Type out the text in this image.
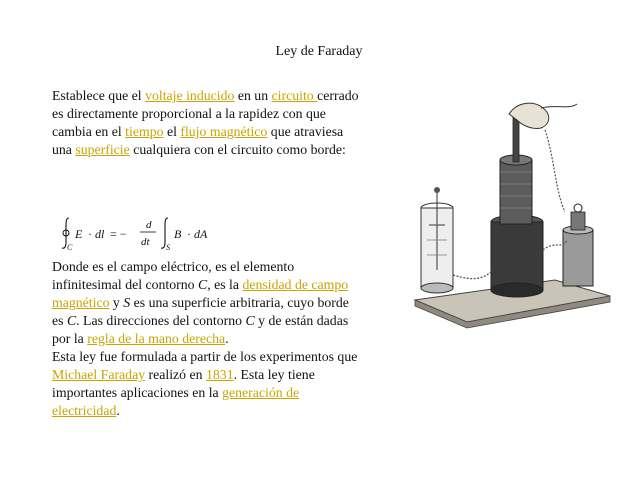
Ley de Faraday

Establece que el voltaje inducido en un circuito cerrado es directamente proporcional a la rapidez con que cambia en el tiempo el flujo magnético que atraviesa una superficie cualquiera con el circuito como borde:

C
E · dl = −
d
dt S
B · dA

Donde es el campo eléctrico, es el elemento infinitesimal del contorno C, es la densidad de campo magnético y S es una superficie arbitraria, cuyo borde es C. Las direcciones del contorno C y de están dadas por la regla de la mano derecha.
Esta ley fue formulada a partir de los experimentos que Michael Faraday realizó en 1831. Esta ley tiene importantes aplicaciones en la generación de electricidad.
